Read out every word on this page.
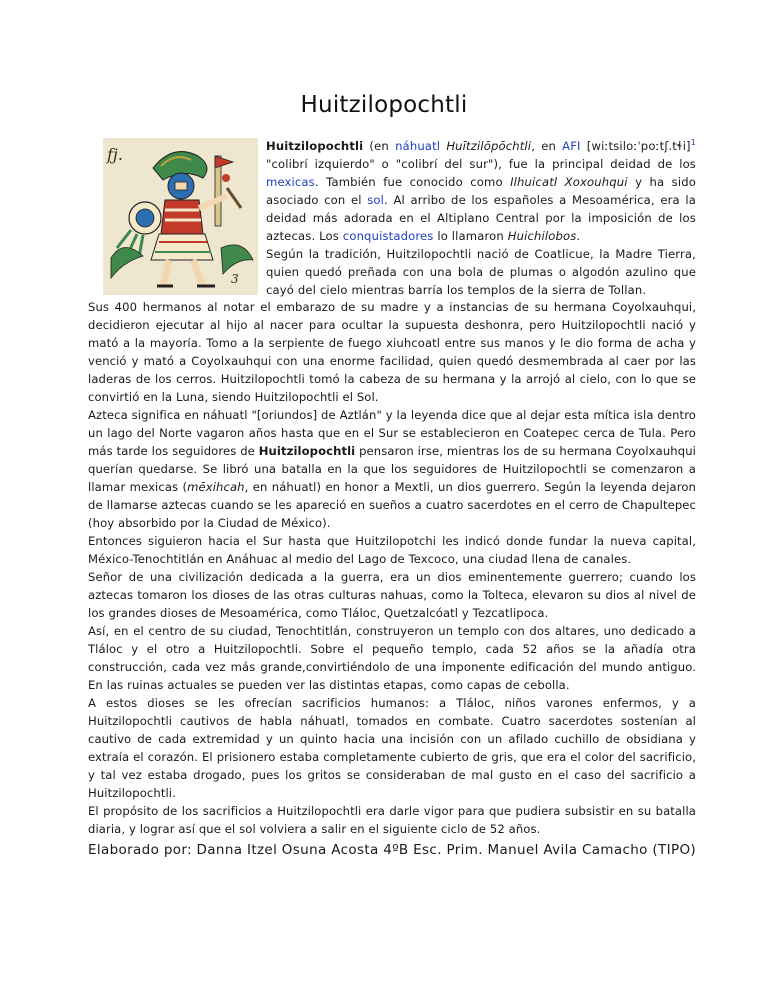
Huitzilopochtli
fj.
3

Huitzilopochtli (en náhuatl Huītzilōpōchtli, en AFI [wiːtsiloːˈpoːtʃ.tɬi]$^1$ "colibrí izquierdo" o "colibrí del sur"), fue la principal deidad de los mexicas. También fue conocido como Ilhuicatl Xoxouhqui y ha sido asociado con el sol. Al arribo de los españoles a Mesoamérica, era la deidad más adorada en el Altiplano Central por la imposición de los aztecas. Los conquistadores lo llamaron Huichilobos.

Según la tradición, Huitzilopochtli nació de Coatlicue, la Madre Tierra, quien quedó preñada con una bola de plumas o algodón azulino que cayó del cielo mientras barría los templos de la sierra de Tollan.

Sus 400 hermanos al notar el embarazo de su madre y a instancias de su hermana Coyolxauhqui, decidieron ejecutar al hijo al nacer para ocultar la supuesta deshonra, pero Huitzilopochtli nació y mató a la mayoría. Tomo a la serpiente de fuego xiuhcoatl entre sus manos y le dio forma de acha y venció y mató a Coyolxauhqui con una enorme facilidad, quien quedó desmembrada al caer por las laderas de los cerros. Huitzilopochtli tomó la cabeza de su hermana y la arrojó al cielo, con lo que se convirtió en la Luna, siendo Huitzilopochtli el Sol.

Azteca significa en náhuatl "[oriundos] de Aztlán" y la leyenda dice que al dejar esta mítica isla dentro un lago del Norte vagaron años hasta que en el Sur se establecieron en Coatepec cerca de Tula. Pero más tarde los seguidores de Huitzilopochtli pensaron irse, mientras los de su hermana Coyolxauhqui querían quedarse. Se libró una batalla en la que los seguidores de Huitzilopochtli se comenzaron a llamar mexicas (mēxihcah, en náhuatl) en honor a Mextli, un dios guerrero. Según la leyenda dejaron de llamarse aztecas cuando se les apareció en sueños a cuatro sacerdotes en el cerro de Chapultepec (hoy absorbido por la Ciudad de México).

Entonces siguieron hacia el Sur hasta que Huitzilopotchi les indicó donde fundar la nueva capital, México-Tenochtitlán en Anáhuac al medio del Lago de Texcoco, una ciudad llena de canales.

Señor de una civilización dedicada a la guerra, era un dios eminentemente guerrero; cuando los aztecas tomaron los dioses de las otras culturas nahuas, como la Tolteca, elevaron su dios al nivel de los grandes dioses de Mesoamérica, como Tláloc, Quetzalcóatl y Tezcatlipoca.

Así, en el centro de su ciudad, Tenochtitlán, construyeron un templo con dos altares, uno dedicado a Tláloc y el otro a Huitzilopochtli. Sobre el pequeño templo, cada 52 años se la añadía otra construcción, cada vez más grande,convirtiéndolo de una imponente edificación del mundo antiguo. En las ruinas actuales se pueden ver las distintas etapas, como capas de cebolla.

A estos dioses se les ofrecían sacrificios humanos: a Tláloc, niños varones enfermos, y a Huitzilopochtli cautivos de habla náhuatl, tomados en combate. Cuatro sacerdotes sostenían al cautivo de cada extremidad y un quinto hacia una incisión con un afilado cuchillo de obsidiana y extraía el corazón. El prisionero estaba completamente cubierto de gris, que era el color del sacrificio, y tal vez estaba drogado, pues los gritos se consideraban de mal gusto en el caso del sacrificio a Huitzilopochtli.

El propósito de los sacrificios a Huitzilopochtli era darle vigor para que pudiera subsistir en su batalla diaria, y lograr así que el sol volviera a salir en el siguiente ciclo de 52 años.

Elaborado por: Danna Itzel Osuna Acosta 4ºB Esc. Prim. Manuel Avila Camacho (TIPO)
